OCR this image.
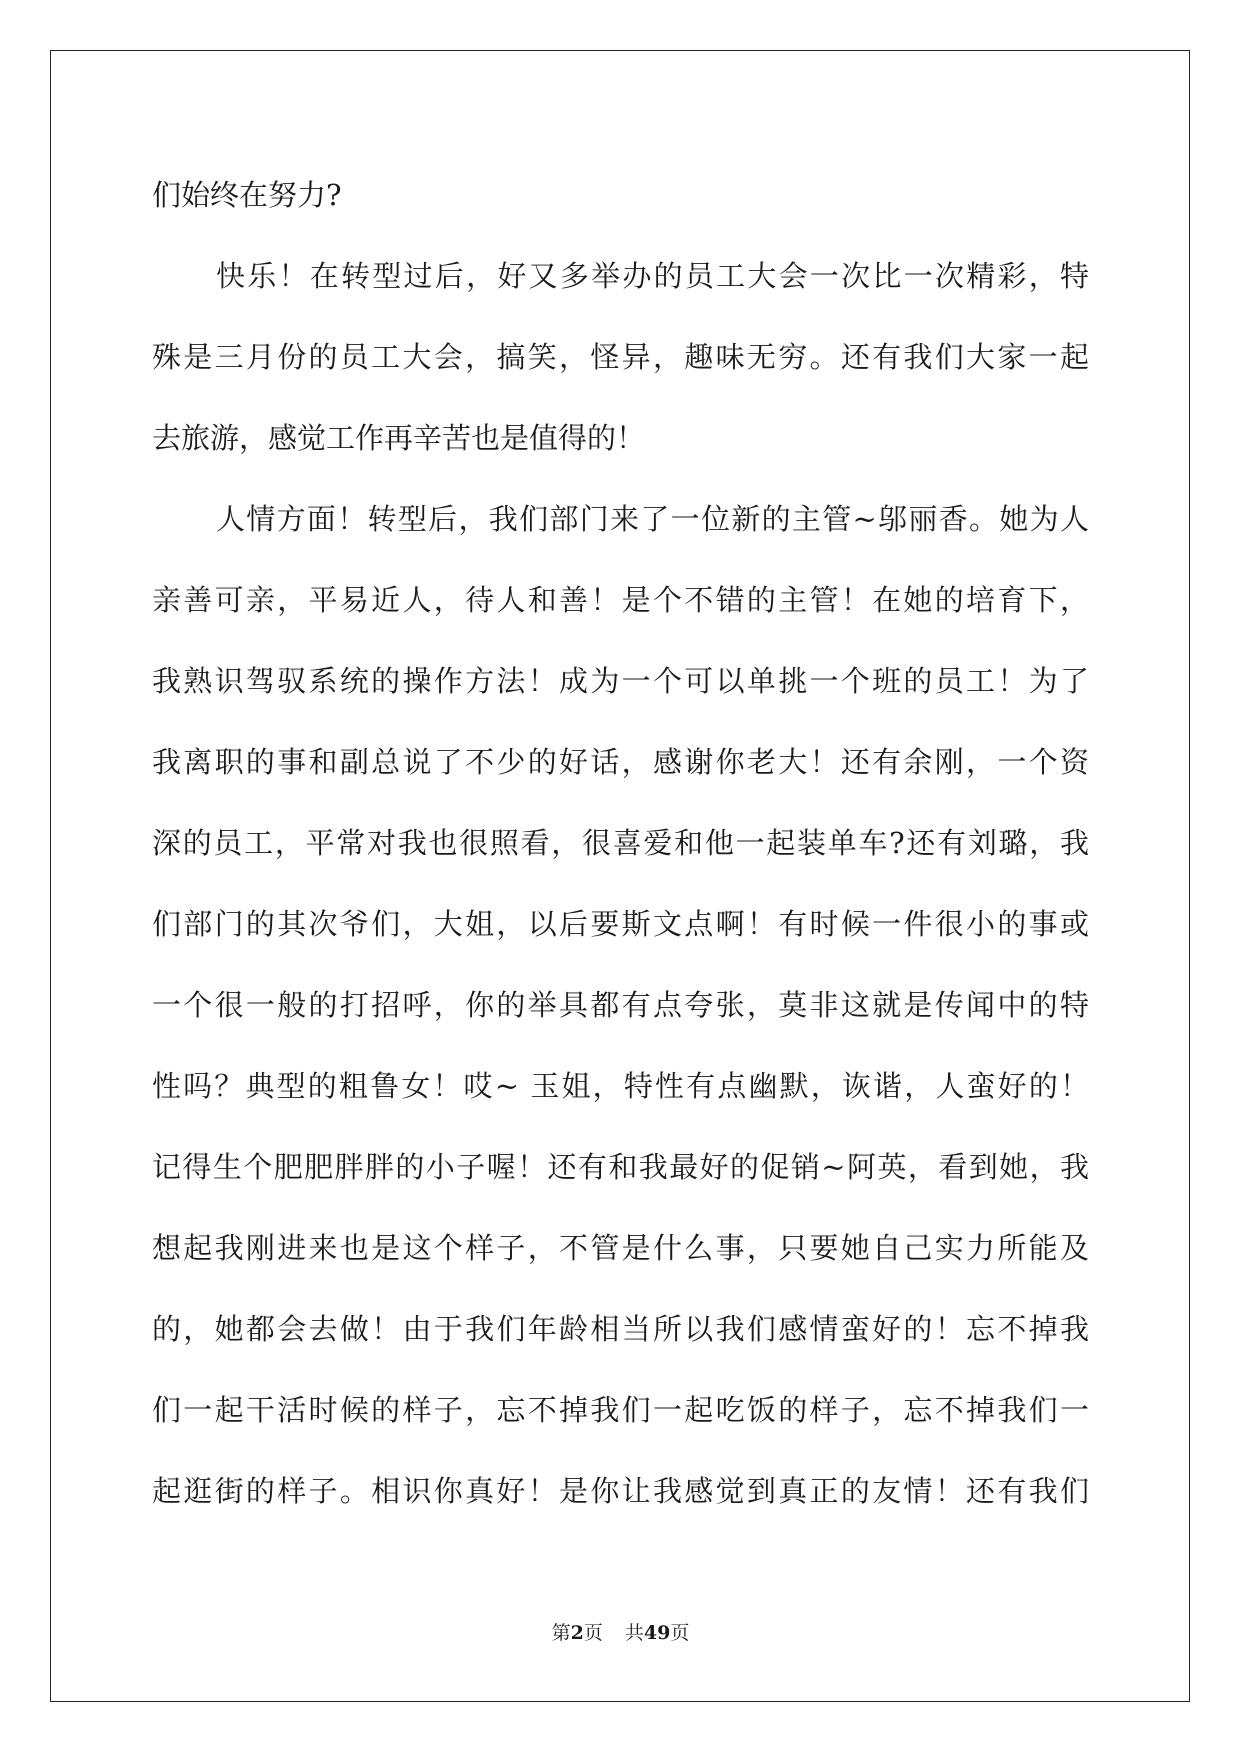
们始终在努力?
快乐！在转型过后，好又多举办的员工大会一次比一次精彩，特
殊是三月份的员工大会，搞笑，怪异，趣味无穷。还有我们大家一起
去旅游，感觉工作再辛苦也是值得的！
人情方面！转型后，我们部门来了一位新的主管~邬丽香。她为人
亲善可亲，平易近人，待人和善！是个不错的主管！在她的培育下，
我熟识驾驭系统的操作方法！成为一个可以单挑一个班的员工！为了
我离职的事和副总说了不少的好话，感谢你老大！还有余刚，一个资
深的员工，平常对我也很照看，很喜爱和他一起装单车?还有刘璐，我
们部门的其次爷们，大姐，以后要斯文点啊！有时候一件很小的事或
一个很一般的打招呼，你的举具都有点夸张，莫非这就是传闻中的特
性吗？典型的粗鲁女！哎~ 玉姐，特性有点幽默，诙谐，人蛮好的！
记得生个肥肥胖胖的小子喔！还有和我最好的促销~阿英，看到她，我
想起我刚进来也是这个样子，不管是什么事，只要她自己实力所能及
的，她都会去做！由于我们年龄相当所以我们感情蛮好的！忘不掉我
们一起干活时候的样子，忘不掉我们一起吃饭的样子，忘不掉我们一
起逛街的样子。相识你真好！是你让我感觉到真正的友情！还有我们
第2页 共49页
